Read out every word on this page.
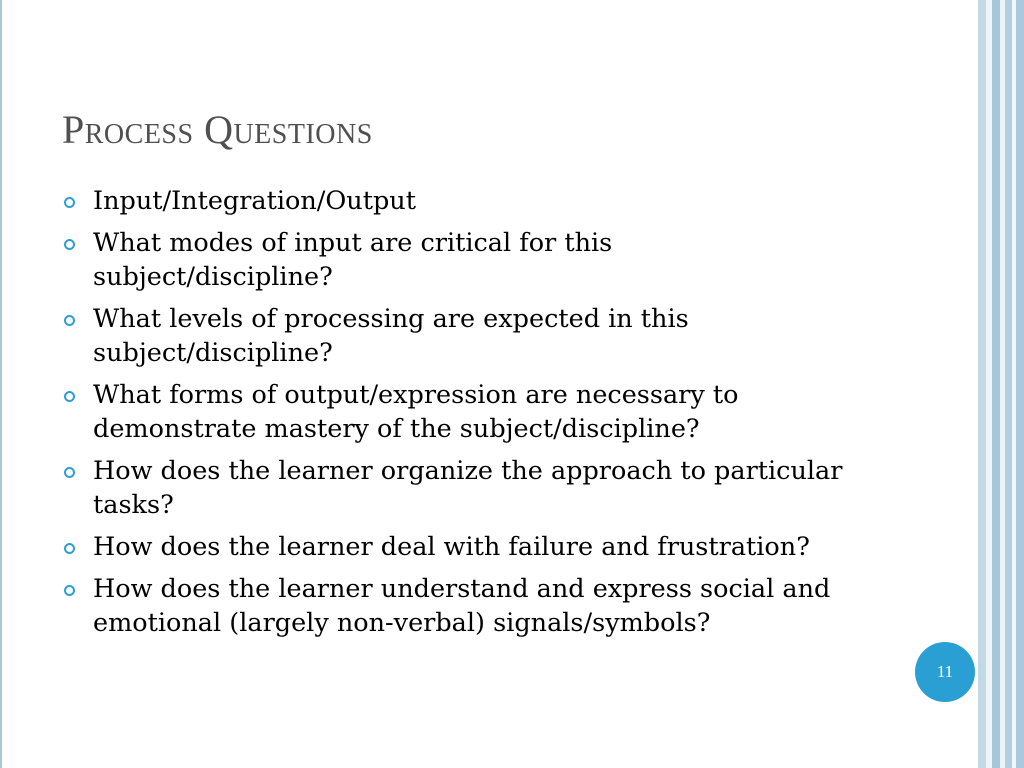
Process Questions
Input/Integration/Output
What modes of input are critical for this subject/discipline?
What levels of processing are expected in this subject/discipline?
What forms of output/expression are necessary to demonstrate mastery of the subject/discipline?
How does the learner organize the approach to particular tasks?
How does the learner deal with failure and frustration?
How does the learner understand and express social and emotional (largely non-verbal) signals/symbols?
11
